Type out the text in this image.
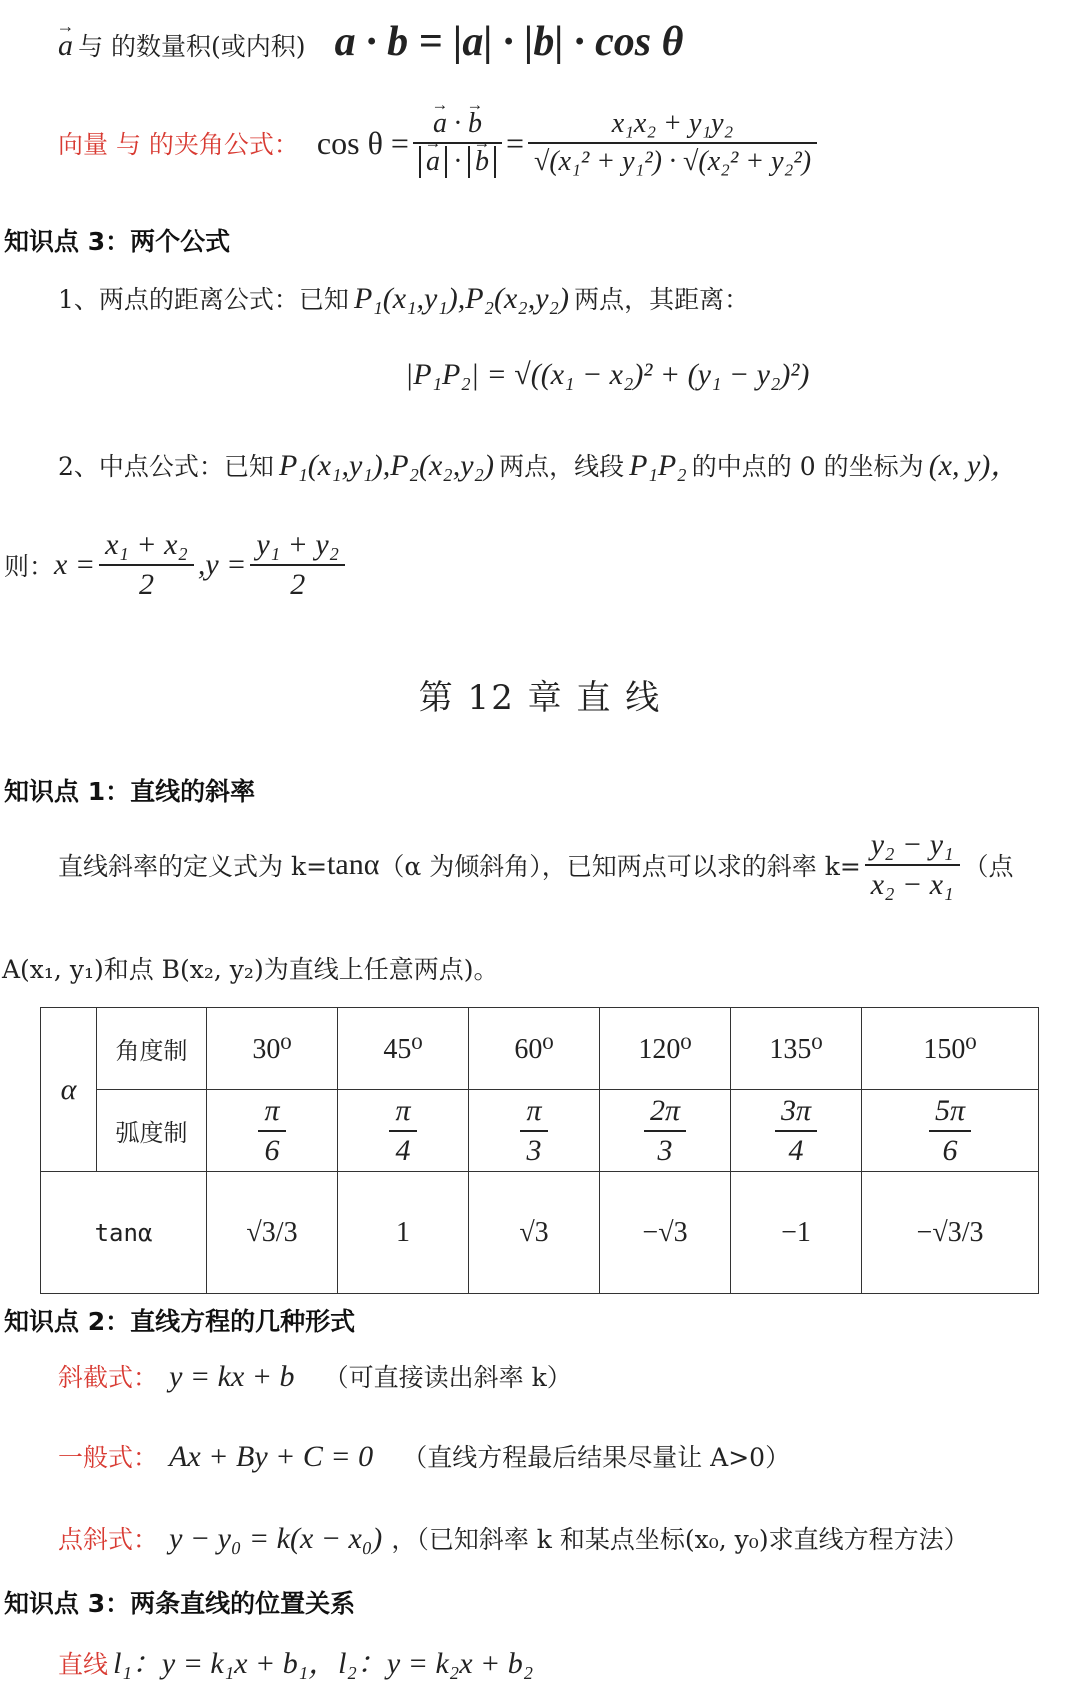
→ a 与 的数量积(或内积) a · b = |a| · |b| · cos θ
向量 与 的夹角公式： cos θ = → a · → b
→ a · → $b = \frac{\text{x₁x₂ + y₁y₂}}{\text{√(x₁² + y₁²) · √(x₂² + y₂²)}}$
知识点 3：两个公式
1、两点的距离公式：已知 P₁(x₁,y₁),P₂(x₂,y₂) 两点，其距离：
|P₁P₂| = √((x₁ − x₂)² + (y₁ − y₂)²)
2、中点公式：已知 P₁(x₁,y₁),P₂(x₂,y₂) 两点，线段 P₁P₂ 的中点的 0 的坐标为 (x, y)，
则： $x = \frac{\text{x₁ + x₂}}{2} ,y = \frac{\text{y₁ + y₂}}{2}$
第 12 章 直 线
知识点 1：直线的斜率
直线斜率的定义式为 k= tanα （α 为倾斜角），已知两点可以求的斜率 $k= \frac{\text{y₂ − y₁}}{\text{x₂ − x₁}}$ （点
A(x₁, y₁)和点 B(x₂, y₂)为直线上任意两点)。
α	角度制	30⁰	45⁰	60⁰	120⁰	135⁰	150⁰
	弧度制	$\frac{\pi}{6}$	$\frac{\pi}{4}$	$\frac{\pi}{3}$	$\frac{2\pi}{3}$	$\frac{3\pi}{4}$	$\frac{5\pi}{6}$

tanα		√3/3	1	√3	−√3	−1	−√3/3
知识点 2：直线方程的几种形式
斜截式： y = kx + b （可直接读出斜率 k）
一般式： Ax + By + C = 0 （直线方程最后结果尽量让 A>0）
点斜式： y − y₀ = k(x − x₀) ，（已知斜率 k 和某点坐标(x₀, y₀)求直线方程方法）
知识点 3：两条直线的位置关系
直线 l₁：y = k₁x + b₁，l₂：y = k₂x + b₂
